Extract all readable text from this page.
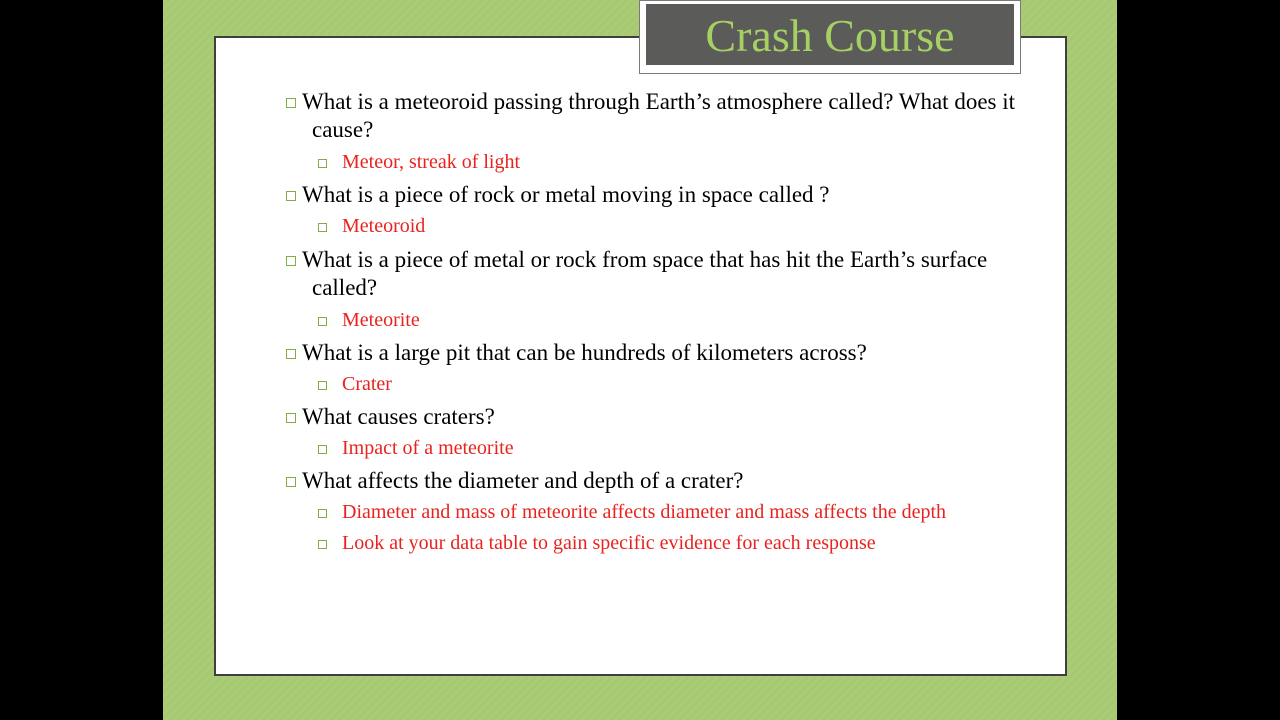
What is a meteoroid passing through Earth’s atmosphere called? What does it cause?
Meteor, streak of light
What is a piece of rock or metal moving in space called ?
Meteoroid
What is a piece of metal or rock from space that has hit the Earth’s surface called?
Meteorite
What is a large pit that can be hundreds of kilometers across?
Crater
What causes craters?
Impact of a meteorite
What affects the diameter and depth of a crater?
Diameter and mass of meteorite affects diameter and mass affects the depth
Look at your data table to gain specific evidence for each response
Crash Course
